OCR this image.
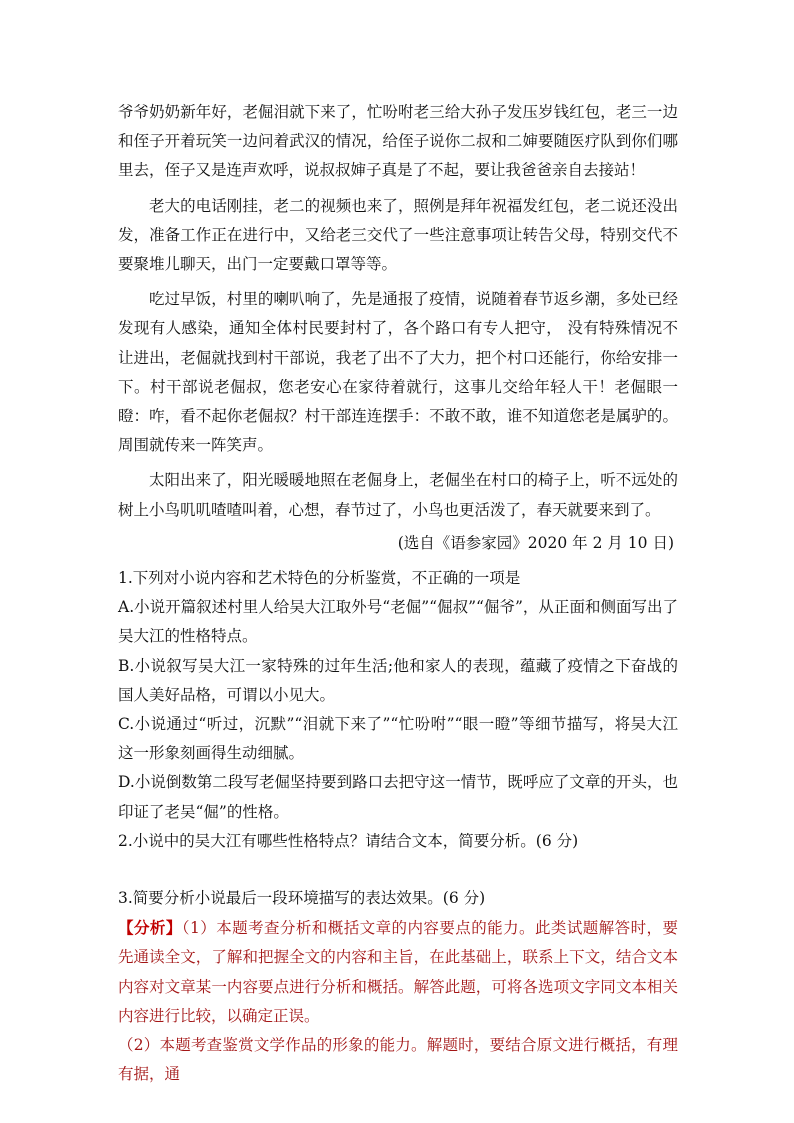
爷爷奶奶新年好，老倔泪就下来了，忙吩咐老三给大孙子发压岁钱红包，老三一边和侄子开着玩笑一边问着武汉的情况，给侄子说你二叔和二婶要随医疗队到你们哪里去，侄子又是连声欢呼，说叔叔婶子真是了不起，要让我爸爸亲自去接站！

老大的电话刚挂，老二的视频也来了，照例是拜年祝福发红包，老二说还没出发，准备工作正在进行中，又给老三交代了一些注意事项让转告父母，特别交代不要聚堆儿聊天，出门一定要戴口罩等等。

吃过早饭，村里的喇叭响了，先是通报了疫情，说随着春节返乡潮，多处已经发现有人感染，通知全体村民要封村了，各个路口有专人把守， 没有特殊情况不让进出，老倔就找到村干部说，我老了出不了大力，把个村口还能行，你给安排一下。村干部说老倔叔，您老安心在家待着就行，这事儿交给年轻人干！老倔眼一瞪：咋，看不起你老倔叔？村干部连连摆手：不敢不敢，谁不知道您老是属驴的。周围就传来一阵笑声。

太阳出来了，阳光暖暖地照在老倔身上，老倔坐在村口的椅子上，听不远处的树上小鸟叽叽喳喳叫着，心想，春节过了，小鸟也更活泼了，春天就要来到了。

(选自《语参家园》2020 年 2 月 10 日)

1.下列对小说内容和艺术特色的分析鉴赏，不正确的一项是

A.小说开篇叙述村里人给吴大江取外号“老倔”“倔叔”“倔爷”，从正面和侧面写出了吴大江的性格特点。

B.小说叙写吴大江一家特殊的过年生活;他和家人的表现，蕴藏了疫情之下奋战的国人美好品格，可谓以小见大。

C.小说通过“听过，沉默”“泪就下来了”“忙吩咐”“眼一瞪”等细节描写，将吴大江这一形象刻画得生动细腻。

D.小说倒数第二段写老倔坚持要到路口去把守这一情节，既呼应了文章的开头，也印证了老吴“倔”的性格。

2.小说中的吴大江有哪些性格特点？请结合文本，简要分析。(6 分)

3.简要分析小说最后一段环境描写的表达效果。(6 分)

【分析】（1）本题考查分析和概括文章的内容要点的能力。此类试题解答时，要先通读全文，了解和把握全文的内容和主旨，在此基础上，联系上下文，结合文本内容对文章某一内容要点进行分析和概括。解答此题，可将各选项文字同文本相关内容进行比较，以确定正误。

（2）本题考查鉴赏文学作品的形象的能力。解题时，要结合原文进行概括，有理有据，通
